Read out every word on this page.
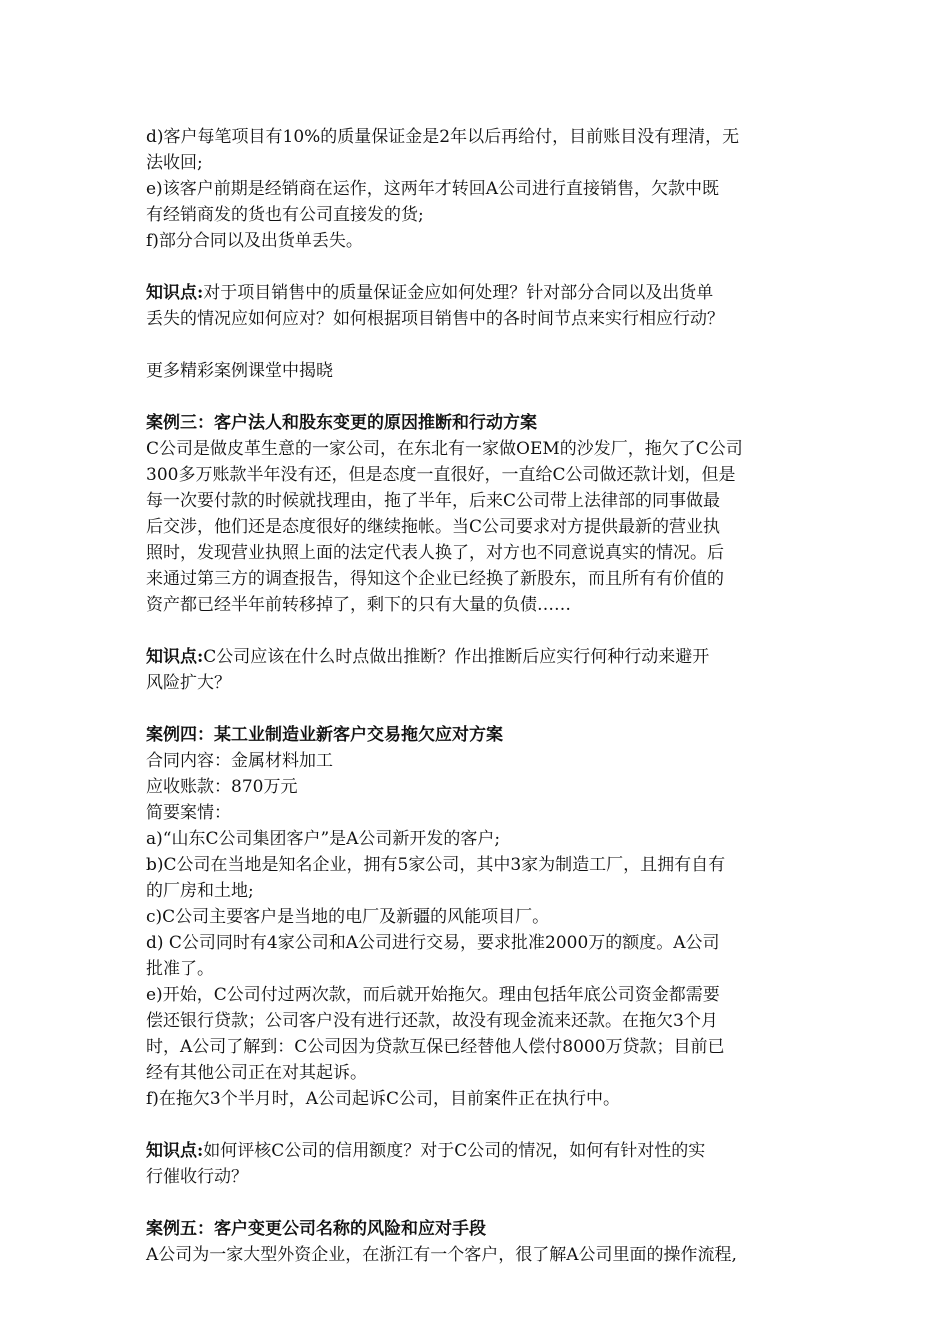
d)客户每笔项目有10%的质量保证金是2年以后再给付，目前账目没有理清，无
法收回;
e)该客户前期是经销商在运作，这两年才转回A公司进行直接销售，欠款中既
有经销商发的货也有公司直接发的货;
f)部分合同以及出货单丢失。
知识点:对于项目销售中的质量保证金应如何处理？针对部分合同以及出货单
丢失的情况应如何应对？如何根据项目销售中的各时间节点来实行相应行动？
更多精彩案例课堂中揭晓
案例三：客户法人和股东变更的原因推断和行动方案
C公司是做皮革生意的一家公司，在东北有一家做OEM的沙发厂，拖欠了C公司
300多万账款半年没有还，但是态度一直很好，一直给C公司做还款计划，但是
每一次要付款的时候就找理由，拖了半年，后来C公司带上法律部的同事做最
后交涉，他们还是态度很好的继续拖帐。当C公司要求对方提供最新的营业执
照时，发现营业执照上面的法定代表人换了，对方也不同意说真实的情况。后
来通过第三方的调查报告，得知这个企业已经换了新股东，而且所有有价值的
资产都已经半年前转移掉了，剩下的只有大量的负债……
知识点:C公司应该在什么时点做出推断？作出推断后应实行何种行动来避开
风险扩大？
案例四：某工业制造业新客户交易拖欠应对方案
合同内容：金属材料加工
应收账款：870万元
简要案情：
a)“山东C公司集团客户”是A公司新开发的客户;
b)C公司在当地是知名企业，拥有5家公司，其中3家为制造工厂，且拥有自有
的厂房和土地;
c)C公司主要客户是当地的电厂及新疆的风能项目厂。
d) C公司同时有4家公司和A公司进行交易，要求批准2000万的额度。A公司
批准了。
e)开始，C公司付过两次款，而后就开始拖欠。理由包括年底公司资金都需要
偿还银行贷款；公司客户没有进行还款，故没有现金流来还款。在拖欠3个月
时，A公司了解到：C公司因为贷款互保已经替他人偿付8000万贷款；目前已
经有其他公司正在对其起诉。
f)在拖欠3个半月时，A公司起诉C公司，目前案件正在执行中。
知识点:如何评核C公司的信用额度？对于C公司的情况，如何有针对性的实
行催收行动？
案例五：客户变更公司名称的风险和应对手段
A公司为一家大型外资企业，在浙江有一个客户，很了解A公司里面的操作流程,
